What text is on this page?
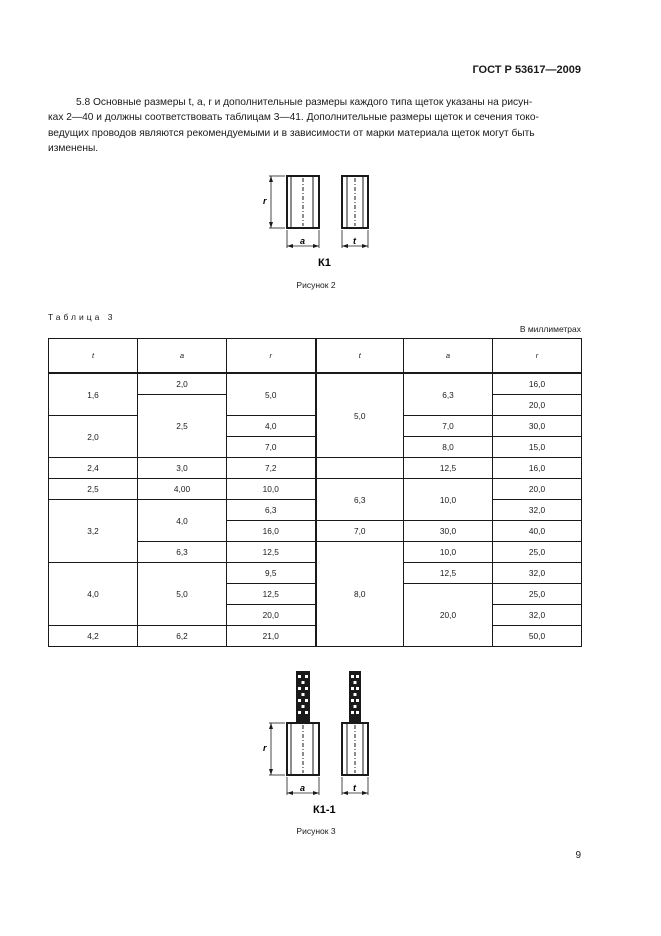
ГОСТ Р 53617—2009
5.8 Основные размеры t, a, r и дополнительные размеры каждого типа щеток указаны на рисун-
ках 2—40 и должны соответствовать таблицам 3—41. Дополнительные размеры щеток и сечения токо-
ведущих проводов являются рекомендуемыми и в зависимости от марки материала щеток могут быть
изменены.
r
a	t
К1
Рисунок 2
Таблица 3
В миллиметрах
t	a	r	t	a	r
1,6	2,0	5,0	5,0	6,3	16,0
	2,5				20,0
2,0		4,0		7,0	30,0
		7,0		8,0	15,0
2,4	3,0	7,2		12,5	16,0
2,5	4,00	10,0	6,3	10,0	20,0
3,2	4,0	6,3			32,0
		16,0	7,0	30,0	40,0
	6,3	12,5	8,0	10,0	25,0
4,0	5,0	9,5		12,5	32,0
		12,5		20,0	25,0
		20,0			32,0
4,2	6,2	21,0			50,0
r
a	t
К1-1
Рисунок 3
9
